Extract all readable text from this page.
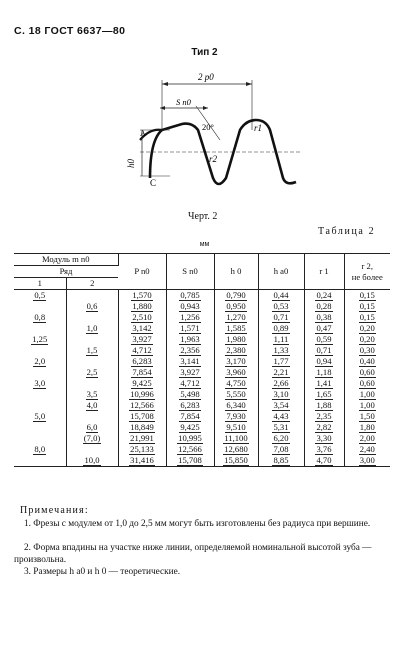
С. 18 ГОСТ 6637—80
Тип 2
2 p0
S n0
20°	r1
r2
A
h0
C
Черт. 2
Таблица 2
мм
Модуль m n0		P n0	S n0	h 0	h a0	r 1	r 2,
не более

Ряд							
1	2						
0,5		1,570	0,785	0,790	0,44	0,24	0,15
	0,6	1,880	0,943	0,950	0,53	0,28	0,15
0,8		2,510	1,256	1,270	0,71	0,38	0,15
	1,0	3,142	1,571	1,585	0,89	0,47	0,20
1,25		3,927	1,963	1,980	1,11	0,59	0,20
	1,5	4,712	2,356	2,380	1,33	0,71	0,30
2,0		6,283	3,141	3,170	1,77	0,94	0,40
	2,5	7,854	3,927	3,960	2,21	1,18	0,60
3,0		9,425	4,712	4,750	2,66	1,41	0,60
	3,5	10,996	5,498	5,550	3,10	1,65	1,00
	4,0	12,566	6,283	6,340	3,54	1,88	1,00
5,0		15,708	7,854	7,930	4,43	2,35	1,50
	6,0	18,849	9,425	9,510	5,31	2,82	1,80
	(7,0)	21,991	10,995	11,100	6,20	3,30	2,00
8,0		25,133	12,566	12,680	7,08	3,76	2,40
	10,0	31,416	15,708	15,850	8,85	4,70	3,00
Примечания:
1. Фрезы с модулем от 1,0 до 2,5 мм могут быть изготовлены без радиуса при вершине.
2. Форма впадины на участке ниже линии, определяемой номинальной высотой зуба — произвольна.
3. Размеры h a0 и h 0 — теоретические.
